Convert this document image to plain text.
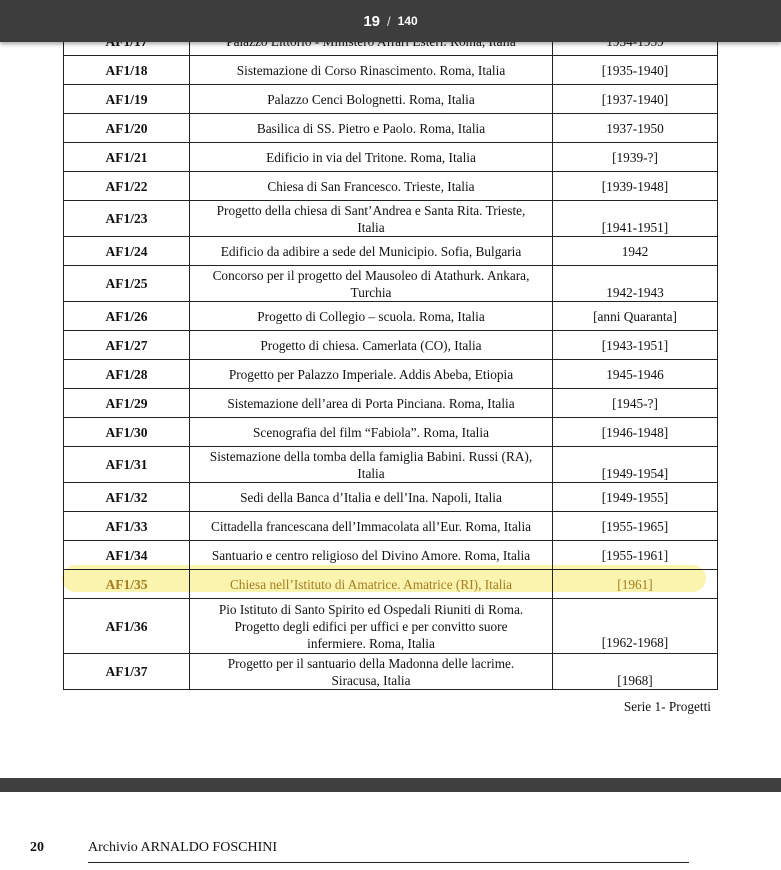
19 / 140

AF1/18	Sistemazione di Corso Rinascimento. Roma, Italia	[1935-1940]
AF1/19	Palazzo Cenci Bolognetti. Roma, Italia	[1937-1940]
AF1/20	Basilica di SS. Pietro e Paolo. Roma, Italia	1937-1950
AF1/21	Edificio in via del Tritone. Roma, Italia	[1939-?]
AF1/22	Chiesa di San Francesco. Trieste, Italia	[1939-1948]
AF1/23	Progetto della chiesa di Sant’Andrea e Santa Rita. Trieste,
Italia	[1941-1951]
AF1/24	Edificio da adibire a sede del Municipio. Sofia, Bulgaria	1942
AF1/25	Concorso per il progetto del Mausoleo di Atathurk. Ankara,
Turchia	1942-1943
AF1/26	Progetto di Collegio – scuola. Roma, Italia	[anni Quaranta]
AF1/27	Progetto di chiesa. Camerlata (CO), Italia	[1943-1951]
AF1/28	Progetto per Palazzo Imperiale. Addis Abeba, Etiopia	1945-1946
AF1/29	Sistemazione dell’area di Porta Pinciana. Roma, Italia	[1945-?]
AF1/30	Scenografia del film “Fabiola”. Roma, Italia	[1946-1948]
AF1/31	Sistemazione della tomba della famiglia Babini. Russi (RA),
Italia	[1949-1954]
AF1/32	Sedi della Banca d’Italia e dell’Ina. Napoli, Italia	[1949-1955]
AF1/33	Cittadella francescana dell’Immacolata all’Eur. Roma, Italia	[1955-1965]
AF1/34	Santuario e centro religioso del Divino Amore. Roma, Italia	[1955-1961]
AF1/35	Chiesa nell’Istituto di Amatrice. Amatrice (RI), Italia	[1961]
AF1/36	Pio Istituto di Santo Spirito ed Ospedali Riuniti di Roma.
Progetto degli edifici per uffici e per convitto suore
infermiere. Roma, Italia	[1962-1968]
AF1/37	Progetto per il santuario della Madonna delle lacrime.
Siracusa, Italia	[1968]
Serie 1- Progetti
20	Archivio ARNALDO FOSCHINI
